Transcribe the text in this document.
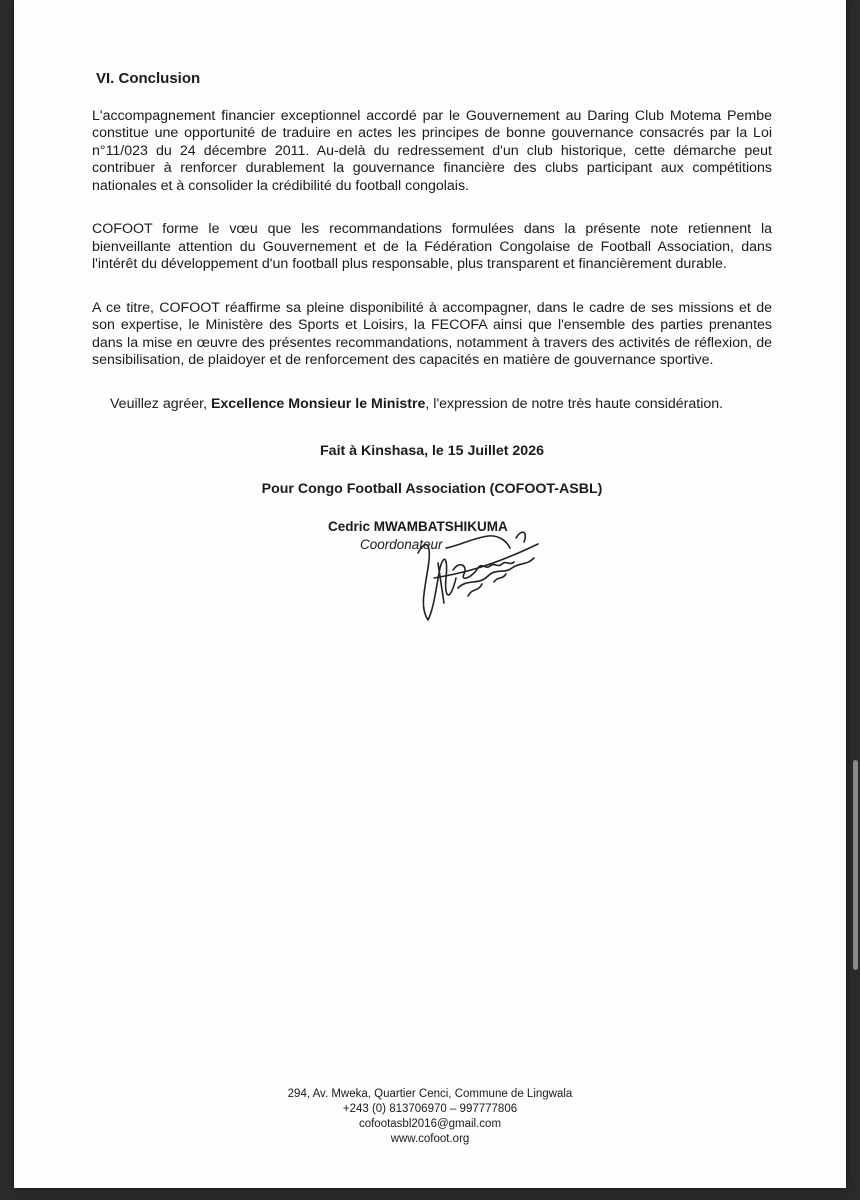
VI. Conclusion

L'accompagnement financier exceptionnel accordé par le Gouvernement au Daring Club Motema Pembe constitue une opportunité de traduire en actes les principes de bonne gouvernance consacrés par la Loi n°11/023 du 24 décembre 2011. Au-delà du redressement d'un club historique, cette démarche peut contribuer à renforcer durablement la gouvernance financière des clubs participant aux compétitions nationales et à consolider la crédibilité du football congolais.

COFOOT forme le vœu que les recommandations formulées dans la présente note retiennent la bienveillante attention du Gouvernement et de la Fédération Congolaise de Football Association, dans l'intérêt du développement d'un football plus responsable, plus transparent et financièrement durable.

A ce titre, COFOOT réaffirme sa pleine disponibilité à accompagner, dans le cadre de ses missions et de son expertise, le Ministère des Sports et Loisirs, la FECOFA ainsi que l'ensemble des parties prenantes dans la mise en œuvre des présentes recommandations, notamment à travers des activités de réflexion, de sensibilisation, de plaidoyer et de renforcement des capacités en matière de gouvernance sportive.

Veuillez agréer, Excellence Monsieur le Ministre, l'expression de notre très haute considération.

Fait à Kinshasa, le 15 Juillet 2026
Pour Congo Football Association (COFOOT-ASBL)
Cedric MWAMBATSHIKUMA
Coordonateur
294, Av. Mweka, Quartier Cenci, Commune de Lingwala
+243 (0) 813706970 – 997777806
cofootasbl2016@gmail.com
www.cofoot.org
